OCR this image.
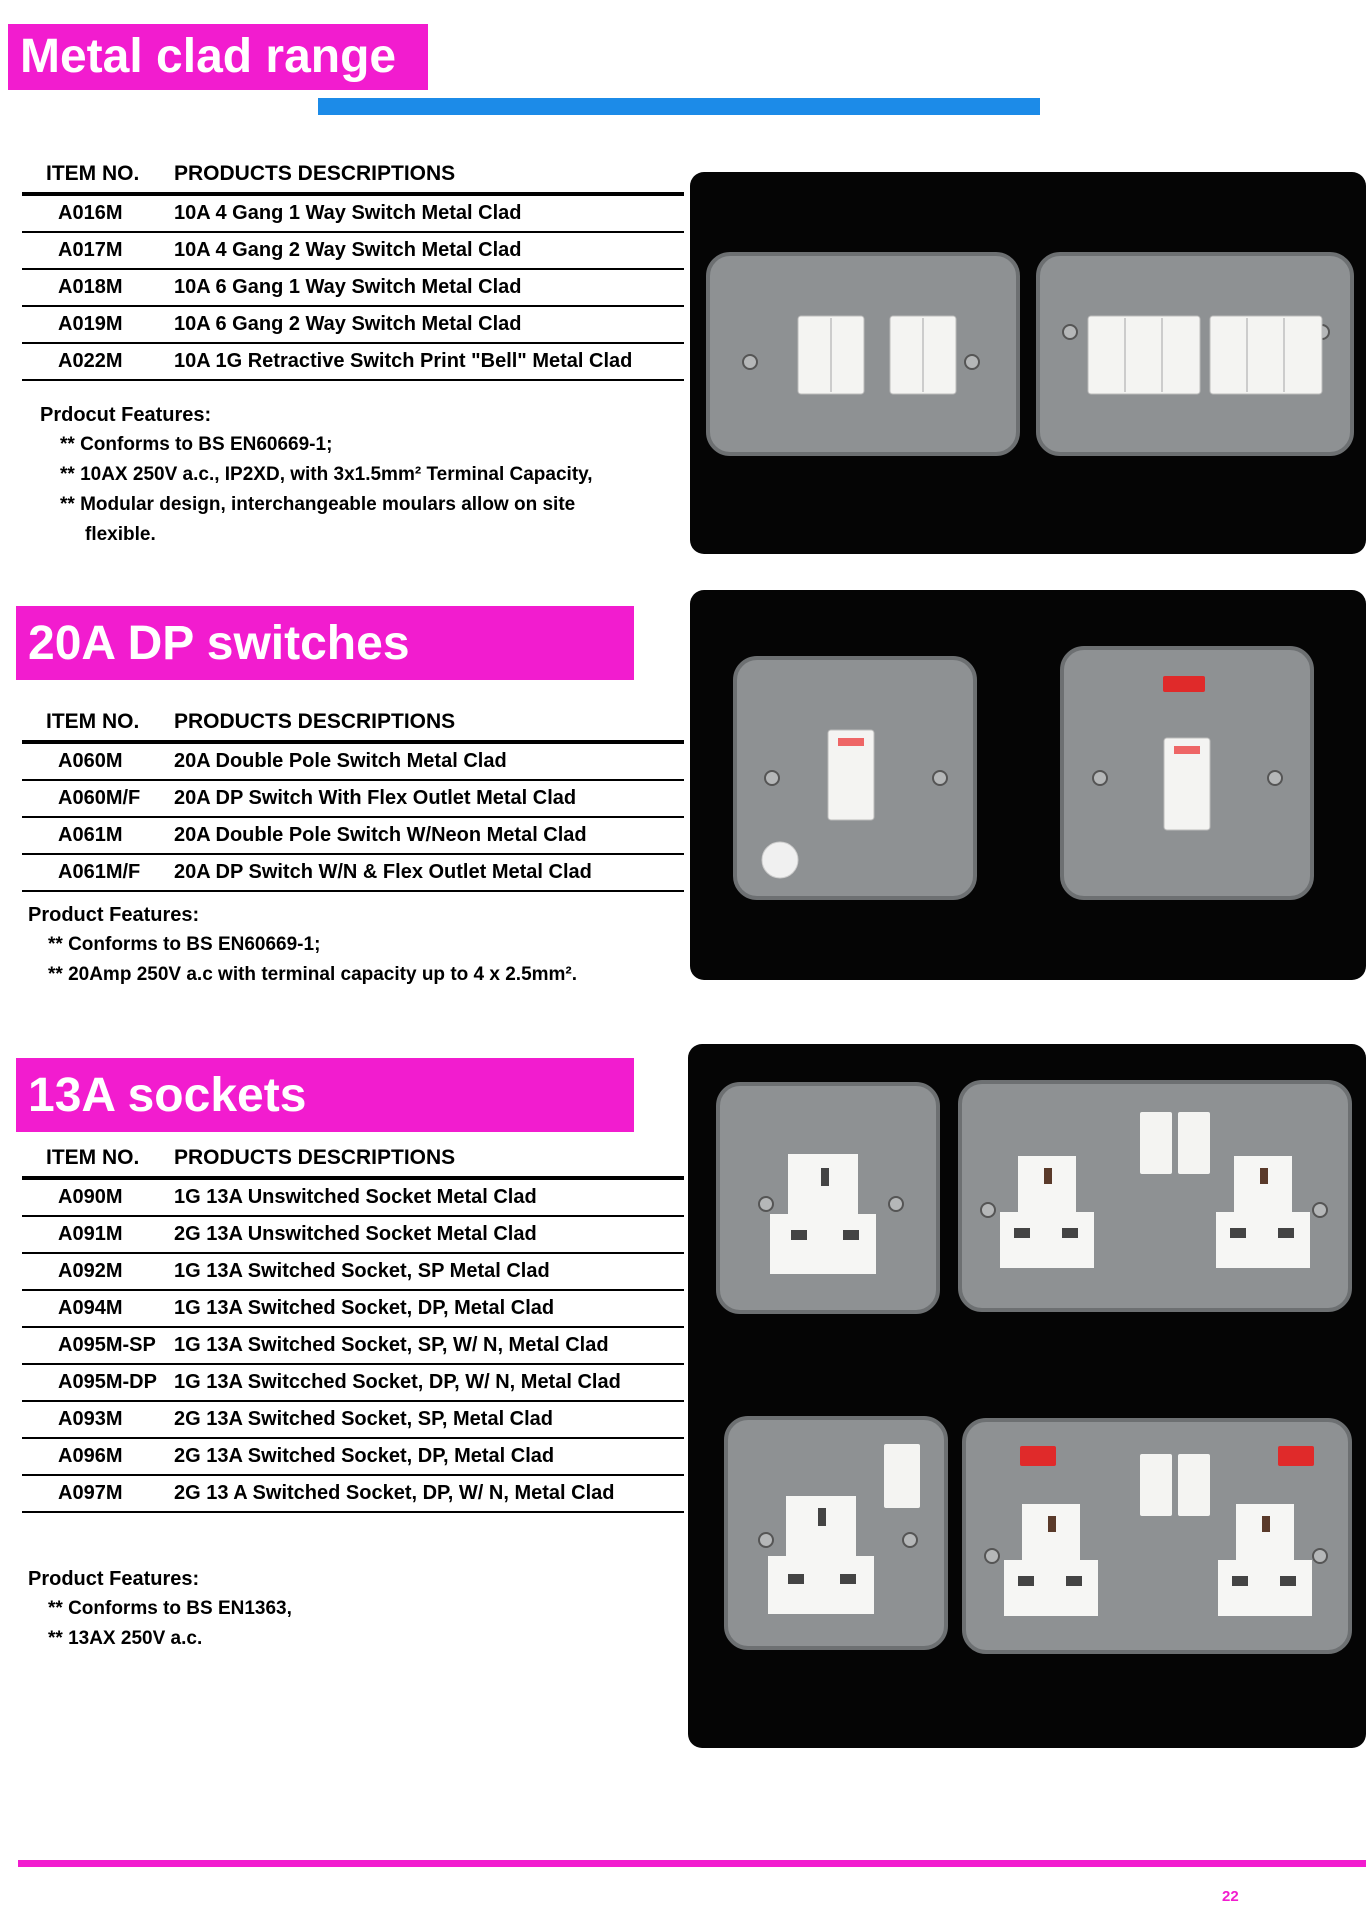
Metal clad range
ITEM NO.	PRODUCTS DESCRIPTIONS
A016M	10A 4 Gang 1 Way Switch Metal Clad
A017M	10A 4 Gang 2 Way Switch Metal Clad
A018M	10A 6 Gang 1 Way Switch Metal Clad
A019M	10A 6 Gang 2 Way Switch Metal Clad
A022M	10A 1G Retractive Switch Print "Bell" Metal Clad
Prdocut Features:
** Conforms to BS EN60669-1;
** 10AX 250V a.c., IP2XD, with 3x1.5mm² Terminal Capacity,
** Modular design, interchangeable moulars allow on site
flexible.
20A DP switches
ITEM NO.	PRODUCTS DESCRIPTIONS
A060M	20A Double Pole Switch Metal Clad
A060M/F	20A DP Switch With Flex Outlet Metal Clad
A061M	20A Double Pole Switch W/Neon Metal Clad
A061M/F	20A DP Switch W/N & Flex Outlet Metal Clad
Product Features:
** Conforms to BS EN60669-1;
** 20Amp 250V a.c with terminal capacity up to 4 x 2.5mm².
13A sockets
ITEM NO.	PRODUCTS DESCRIPTIONS
A090M	1G 13A Unswitched Socket Metal Clad
A091M	2G 13A Unswitched Socket Metal Clad
A092M	1G 13A Switched Socket, SP Metal Clad
A094M	1G 13A Switched Socket, DP, Metal Clad
A095M-SP	1G 13A Switched Socket, SP, W/ N, Metal Clad
A095M-DP	1G 13A Switcched Socket, DP, W/ N, Metal Clad
A093M	2G 13A Switched Socket, SP, Metal Clad
A096M	2G 13A Switched Socket, DP, Metal Clad
A097M	2G 13 A Switched Socket, DP, W/ N, Metal Clad
Product Features:
** Conforms to BS EN1363,
** 13AX 250V a.c.
22
